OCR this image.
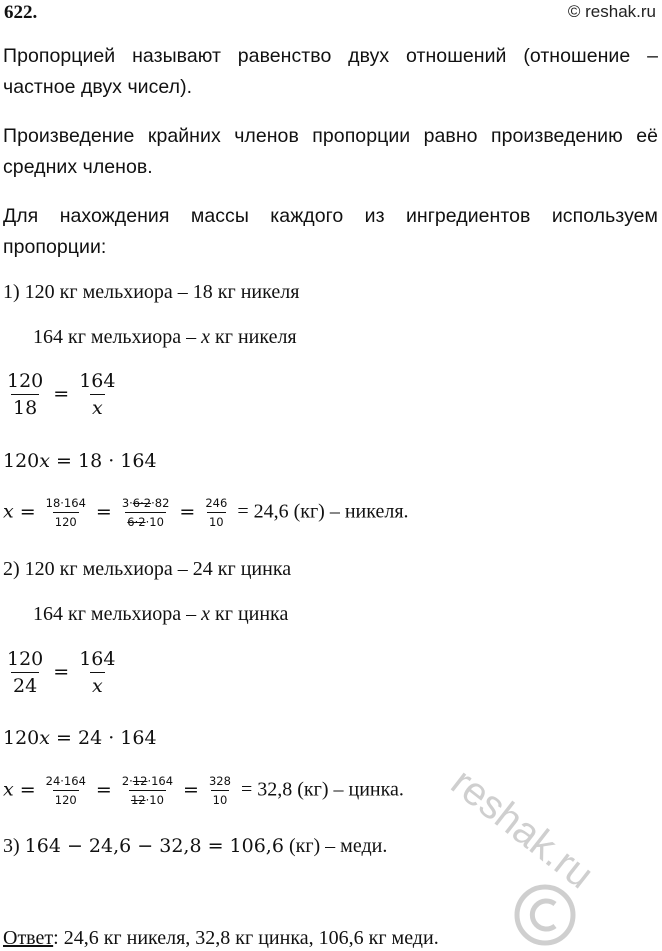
622.	© reshak.ru
Пропорцией называют равенство двух отношений (отношение – частное двух чисел).
Произведение крайних членов пропорции равно произведению её средних членов.
Для нахождения массы каждого из ингредиентов используем пропорции:
1) 120 кг мельхиора – 18 кг никеля
164 кг мельхиора – x кг никеля
$\frac{120}{18} = \frac{164}{x}$
120x = 18 · 164
$x = \frac{18\cdot 164}{120} = \frac{3\cdot 6\cdot 2\cdot 82}{6\cdot 2\cdot 10} = \frac{246}{10} = 24,6$ (кг) – никеля.
2) 120 кг мельхиора – 24 кг цинка
164 кг мельхиора – x кг цинка
$\frac{120}{24} = \frac{164}{x}$
120x = 24 · 164
$x = \frac{24\cdot 164}{120} = \frac{2\cdot 12\cdot 164}{12\cdot 10} = \frac{328}{10} = 32,8$ (кг) – цинка.
3) 164 − 24,6 − 32,8 = 106,6 (кг) – меди. reshak.ru
Ответ: 24,6 кг никеля, 32,8 кг цинка, 106,6 кг меди.
